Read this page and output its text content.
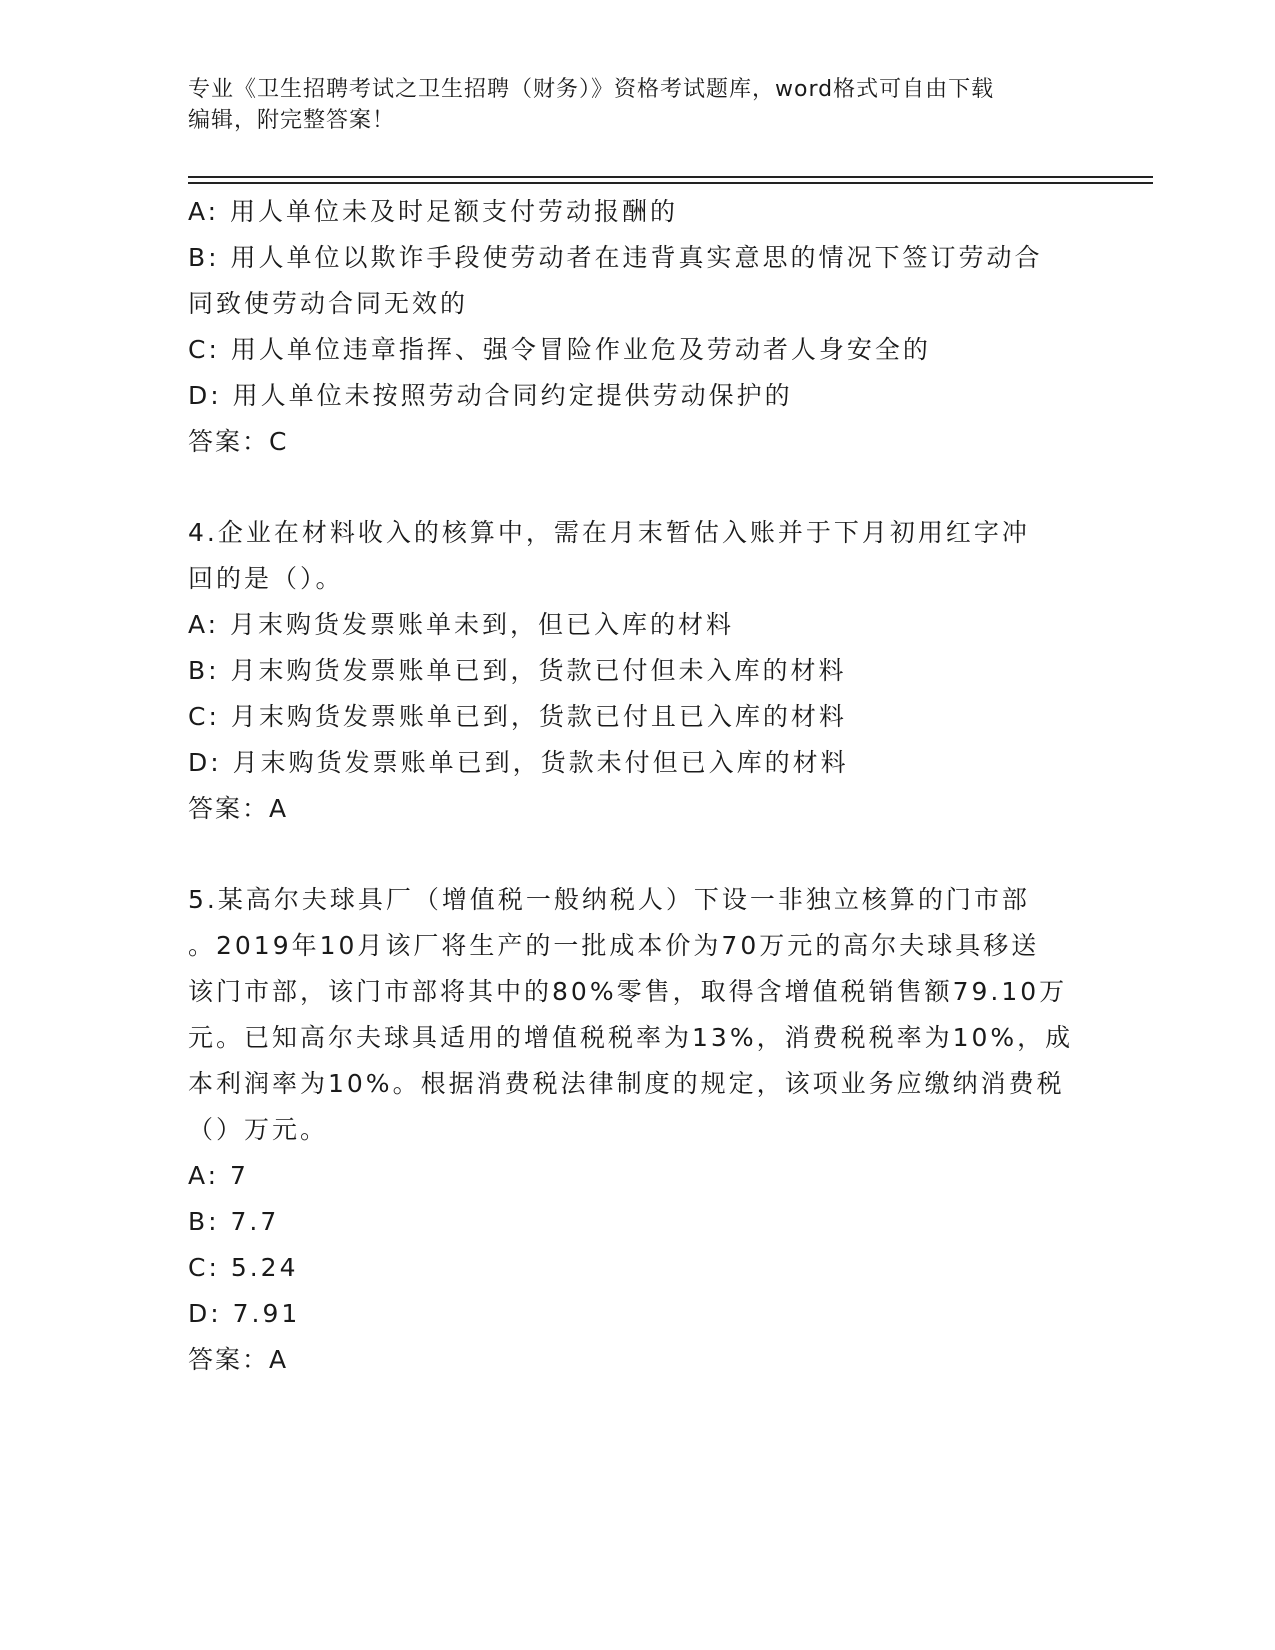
专业《卫生招聘考试之卫生招聘（财务）》资格考试题库，word格式可自由下载
编辑，附完整答案！
A: 用人单位未及时足额支付劳动报酬的
B: 用人单位以欺诈手段使劳动者在违背真实意思的情况下签订劳动合
同致使劳动合同无效的
C: 用人单位违章指挥、强令冒险作业危及劳动者人身安全的
D: 用人单位未按照劳动合同约定提供劳动保护的
答案：C
4.企业在材料收入的核算中，需在月末暂估入账并于下月初用红字冲
回的是（）。
A: 月末购货发票账单未到，但已入库的材料
B: 月末购货发票账单已到，货款已付但未入库的材料
C: 月末购货发票账单已到，货款已付且已入库的材料
D: 月末购货发票账单已到，货款未付但已入库的材料
答案：A
5.某高尔夫球具厂（增值税一般纳税人）下设一非独立核算的门市部
。2019年10月该厂将生产的一批成本价为70万元的高尔夫球具移送
该门市部，该门市部将其中的80%零售，取得含增值税销售额79.10万
元。已知高尔夫球具适用的增值税税率为13%，消费税税率为10%，成
本利润率为10%。根据消费税法律制度的规定，该项业务应缴纳消费税
（）万元。
A: 7
B: 7.7
C: 5.24
D: 7.91
答案：A
